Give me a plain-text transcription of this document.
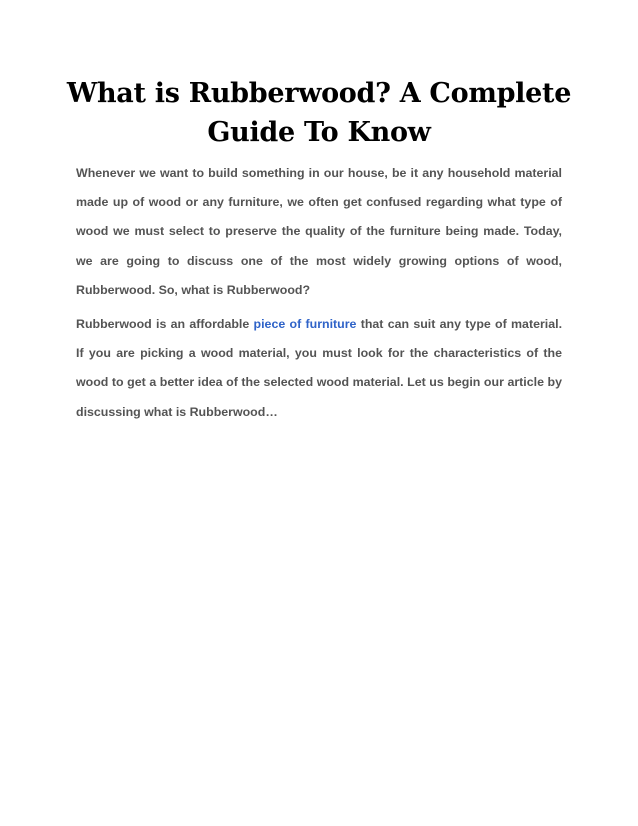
What is Rubberwood? A Complete Guide To Know

Whenever we want to build something in our house, be it any household material made up of wood or any furniture, we often get confused regarding what type of wood we must select to preserve the quality of the furniture being made. Today, we are going to discuss one of the most widely growing options of wood, Rubberwood. So, what is Rubberwood?

Rubberwood is an affordable piece of furniture that can suit any type of material. If you are picking a wood material, you must look for the characteristics of the wood to get a better idea of the selected wood material. Let us begin our article by discussing what is Rubberwood…
